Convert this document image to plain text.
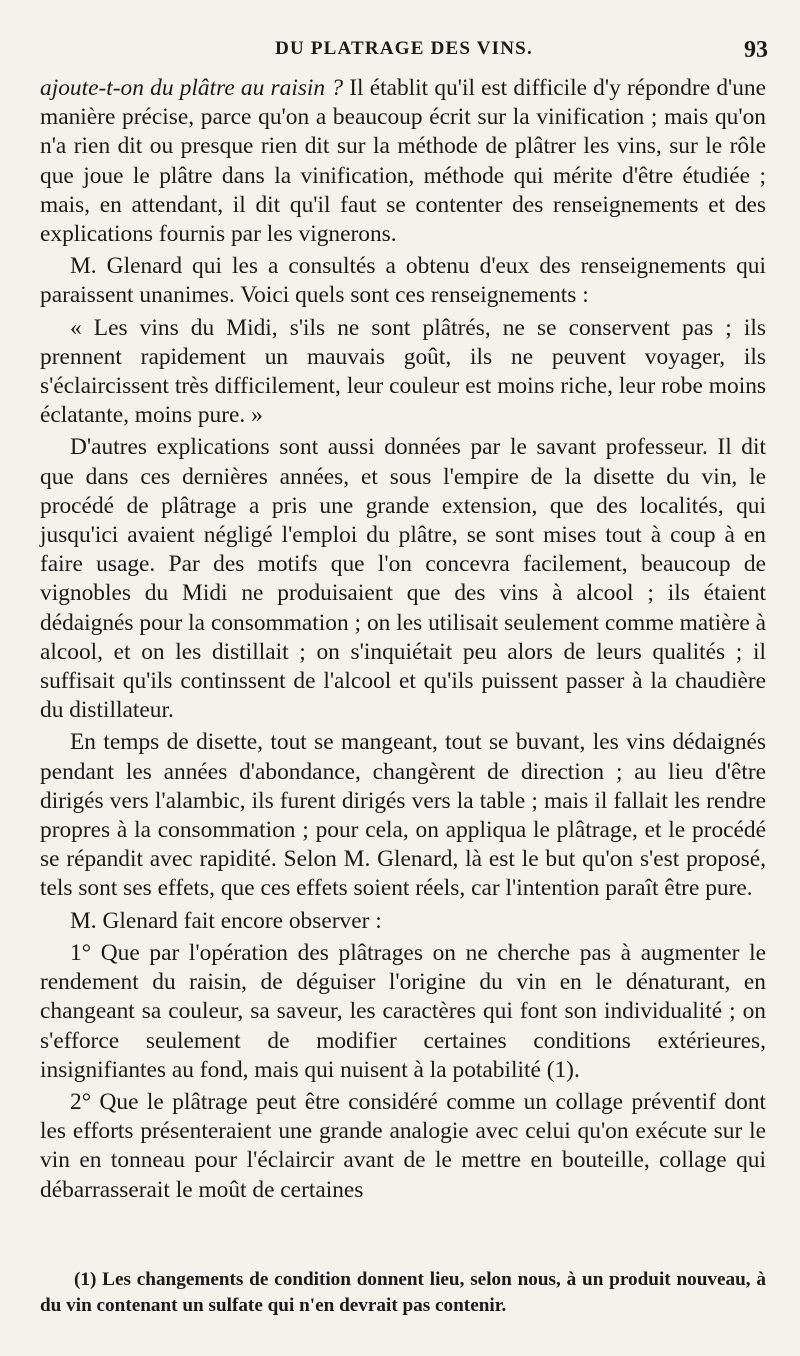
DU PLATRAGE DES VINS.	93

ajoute-t-on du plâtre au raisin ? Il établit qu'il est difficile d'y répondre d'une manière précise, parce qu'on a beaucoup écrit sur la vinification ; mais qu'on n'a rien dit ou presque rien dit sur la méthode de plâtrer les vins, sur le rôle que joue le plâtre dans la vinification, méthode qui mérite d'être étudiée ; mais, en attendant, il dit qu'il faut se contenter des renseignements et des explications fournis par les vignerons.

M. Glenard qui les a consultés a obtenu d'eux des renseignements qui paraissent unanimes. Voici quels sont ces renseignements :

« Les vins du Midi, s'ils ne sont plâtrés, ne se conservent pas ; ils prennent rapidement un mauvais goût, ils ne peuvent voyager, ils s'éclaircissent très difficilement, leur couleur est moins riche, leur robe moins éclatante, moins pure. »

D'autres explications sont aussi données par le savant professeur. Il dit que dans ces dernières années, et sous l'empire de la disette du vin, le procédé de plâtrage a pris une grande extension, que des localités, qui jusqu'ici avaient négligé l'emploi du plâtre, se sont mises tout à coup à en faire usage. Par des motifs que l'on concevra facilement, beaucoup de vignobles du Midi ne produisaient que des vins à alcool ; ils étaient dédaignés pour la consommation ; on les utilisait seulement comme matière à alcool, et on les distillait ; on s'inquiétait peu alors de leurs qualités ; il suffisait qu'ils continssent de l'alcool et qu'ils puissent passer à la chaudière du distillateur.

En temps de disette, tout se mangeant, tout se buvant, les vins dédaignés pendant les années d'abondance, changèrent de direction ; au lieu d'être dirigés vers l'alambic, ils furent dirigés vers la table ; mais il fallait les rendre propres à la consommation ; pour cela, on appliqua le plâtrage, et le procédé se répandit avec rapidité. Selon M. Glenard, là est le but qu'on s'est proposé, tels sont ses effets, que ces effets soient réels, car l'intention paraît être pure.

M. Glenard fait encore observer :

1° Que par l'opération des plâtrages on ne cherche pas à augmenter le rendement du raisin, de déguiser l'origine du vin en le dénaturant, en changeant sa couleur, sa saveur, les caractères qui font son individualité ; on s'efforce seulement de modifier certaines conditions extérieures, insignifiantes au fond, mais qui nuisent à la potabilité (1).

2° Que le plâtrage peut être considéré comme un collage préventif dont les efforts présenteraient une grande analogie avec celui qu'on exécute sur le vin en tonneau pour l'éclaircir avant de le mettre en bouteille, collage qui débarrasserait le moût de certaines

(1) Les changements de condition donnent lieu, selon nous, à un produit nouveau, à du vin contenant un sulfate qui n'en devrait pas contenir.
